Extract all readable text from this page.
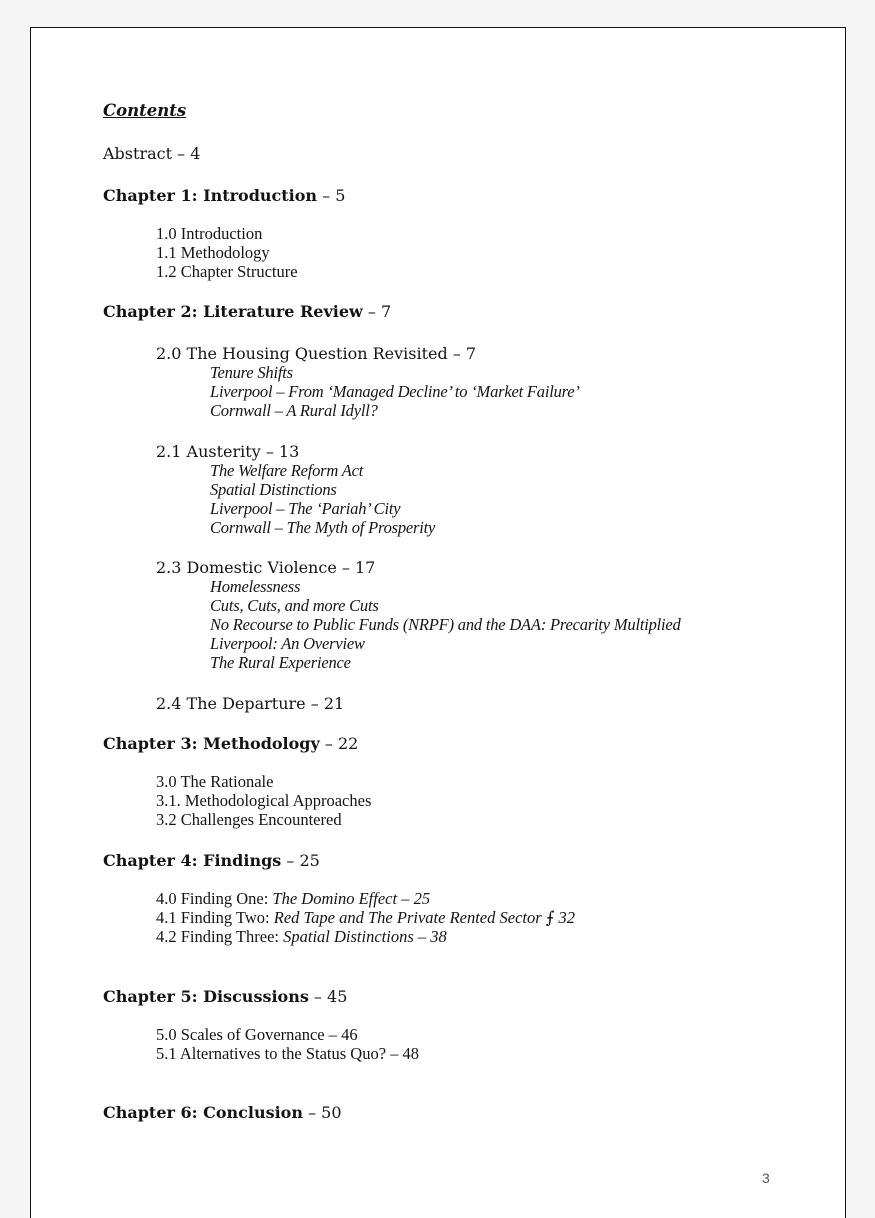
Contents
Abstract – 4
Chapter 1: Introduction – 5
1.0 Introduction
1.1 Methodology
1.2 Chapter Structure
Chapter 2: Literature Review – 7
2.0 The Housing Question Revisited – 7
Tenure Shifts
Liverpool – From ‘Managed Decline’ to ‘Market Failure’
Cornwall – A Rural Idyll?
2.1 Austerity – 13
The Welfare Reform Act
Spatial Distinctions
Liverpool – The ‘Pariah’ City
Cornwall – The Myth of Prosperity
2.3 Domestic Violence – 17
Homelessness
Cuts, Cuts, and more Cuts
No Recourse to Public Funds (NRPF) and the DAA: Precarity Multiplied
Liverpool: An Overview
The Rural Experience
2.4 The Departure – 21
Chapter 3: Methodology – 22
3.0 The Rationale
3.1. Methodological Approaches
3.2 Challenges Encountered
Chapter 4: Findings – 25
4.0 Finding One: The Domino Effect – 25
4.1 Finding Two: Red Tape and The Private Rented Sector ⨍ 32
4.2 Finding Three: Spatial Distinctions – 38
Chapter 5: Discussions – 45
5.0 Scales of Governance – 46
5.1 Alternatives to the Status Quo? – 48
Chapter 6: Conclusion – 50
3
